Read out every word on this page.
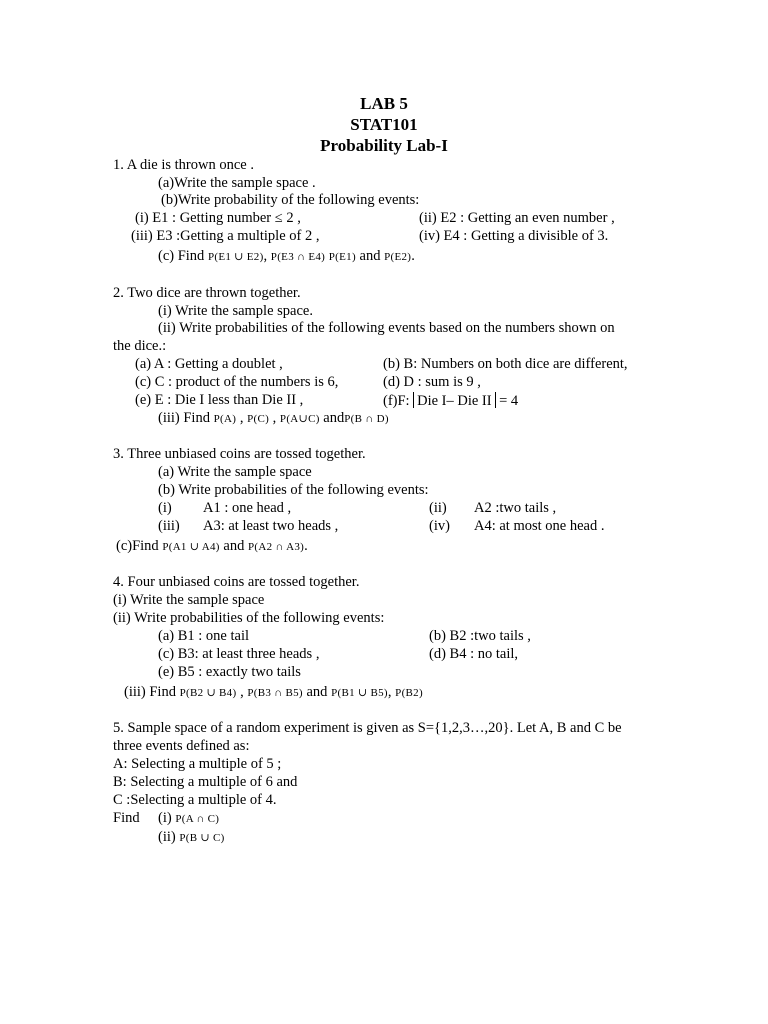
LAB 5
STAT101
Probability Lab-I
1. A die is thrown once .
(a)Write the sample space .
(b)Write probability of the following events:
(i) E1 : Getting number ≤ 2 ,	(ii) E2 : Getting an even number ,
(iii) E3 :Getting a multiple of 2 ,	(iv) E4 : Getting a divisible of 3.
(c) Find P(E1 ∪ E2), P(E3 ∩ E4) P(E1) and P(E2).
2. Two dice are thrown together.
(i) Write the sample space.
(ii) Write probabilities of the following events based on the numbers shown on
the dice.:
(a) A : Getting a doublet ,	(b) B: Numbers on both dice are different,
(c) C : product of the numbers is 6,	(d) D : sum is 9 ,
(e) E : Die I less than Die II ,	(f)F: Die I– Die II = 4
(iii) Find P(A) , P(C) , P(A∪C) andP(B ∩ D)
3. Three unbiased coins are tossed together.
(a) Write the sample space
(b) Write probabilities of the following events:
(i) A1 : one head ,	(ii) A2 :two tails ,
(iii) A3: at least two heads ,	(iv) A4: at most one head .
(c)Find P(A1 ∪ A4) and P(A2 ∩ A3).
4. Four unbiased coins are tossed together.
(i) Write the sample space
(ii) Write probabilities of the following events:
(a) B1 : one tail	(b) B2 :two tails ,
(c) B3: at least three heads ,	(d) B4 : no tail,
(e) B5 : exactly two tails
(iii) Find P(B2 ∪ B4) , P(B3 ∩ B5) and P(B1 ∪ B5), P(B2)
5. Sample space of a random experiment is given as S={1,2,3…,20}. Let A, B and C be
three events defined as:
A: Selecting a multiple of 5 ;
B: Selecting a multiple of 6 and
C :Selecting a multiple of 4.
Find (i) P(A ∩ C)
(ii) P(B ∪ C)
